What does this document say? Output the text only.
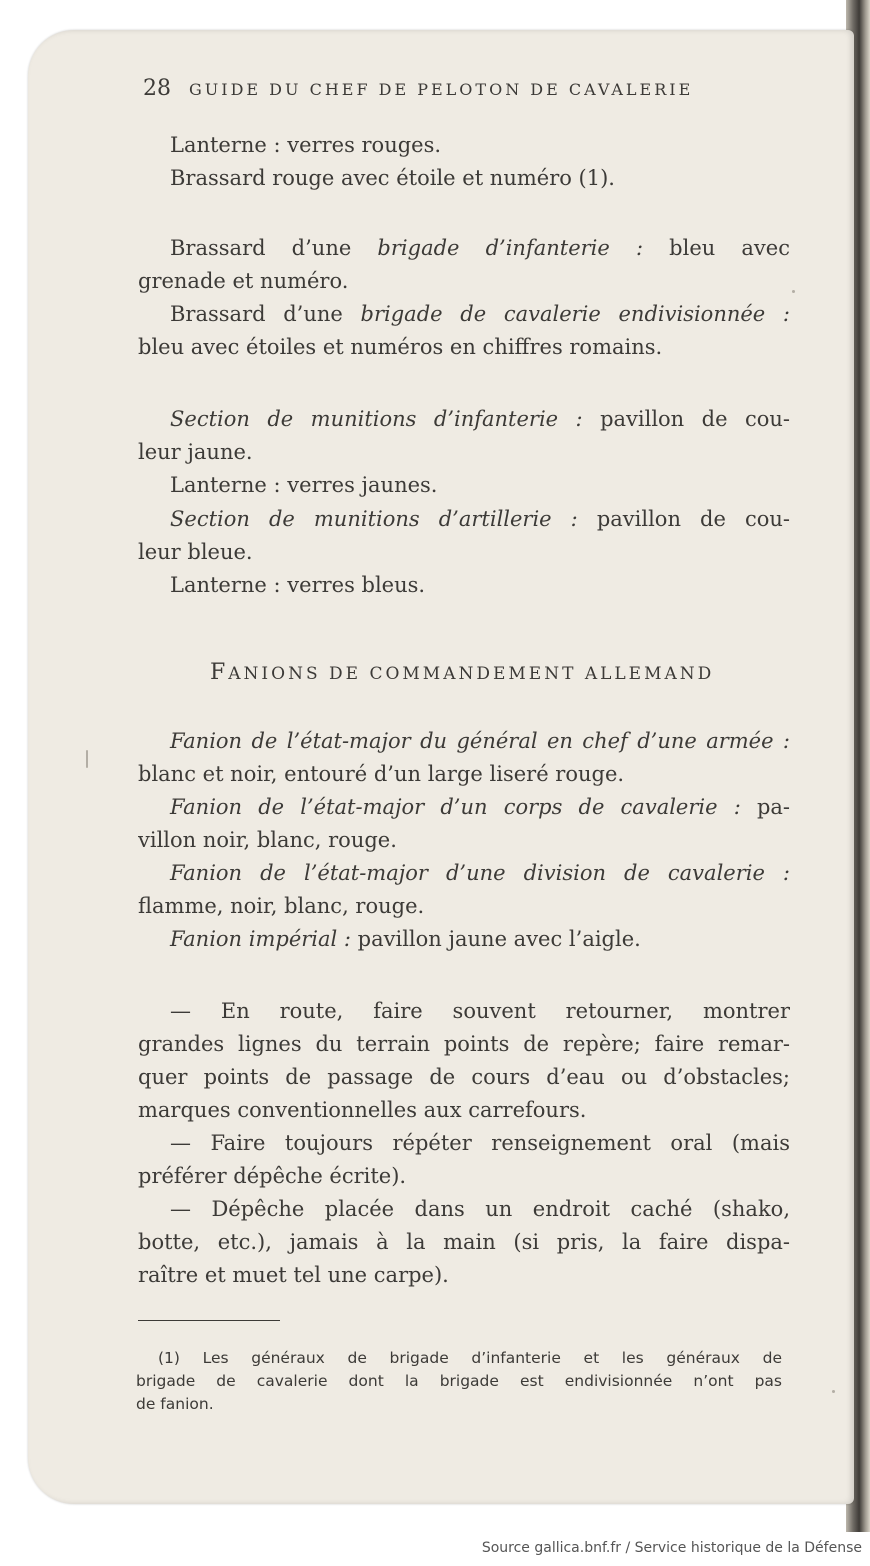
28 GUIDE DU CHEF DE PELOTON DE CAVALERIE
Lanterne : verres rouges.
Brassard rouge avec étoile et numéro (1).
Brassard d’une brigade d’infanterie : bleu avec
grenade et numéro.
Brassard d’une brigade de cavalerie endivisionnée :
bleu avec étoiles et numéros en chiffres romains.
Section de munitions d’infanterie : pavillon de cou-
leur jaune.
Lanterne : verres jaunes.
Section de munitions d’artillerie : pavillon de cou-
leur bleue.
Lanterne : verres bleus.
FANIONS DE COMMANDEMENT ALLEMAND
Fanion de l’état-major du général en chef d’une armée :
blanc et noir, entouré d’un large liseré rouge.
Fanion de l’état-major d’un corps de cavalerie : pa-
villon noir, blanc, rouge.
Fanion de l’état-major d’une division de cavalerie :
flamme, noir, blanc, rouge.
Fanion impérial : pavillon jaune avec l’aigle.
— En route, faire souvent retourner, montrer
grandes lignes du terrain points de repère; faire remar-
quer points de passage de cours d’eau ou d’obstacles;
marques conventionnelles aux carrefours.
— Faire toujours répéter renseignement oral (mais
préférer dépêche écrite).
— Dépêche placée dans un endroit caché (shako,
botte, etc.), jamais à la main (si pris, la faire dispa-
raître et muet tel une carpe).
(1) Les généraux de brigade d’infanterie et les généraux de
brigade de cavalerie dont la brigade est endivisionnée n’ont pas
de fanion.
Source gallica.bnf.fr / Service historique de la Défense
